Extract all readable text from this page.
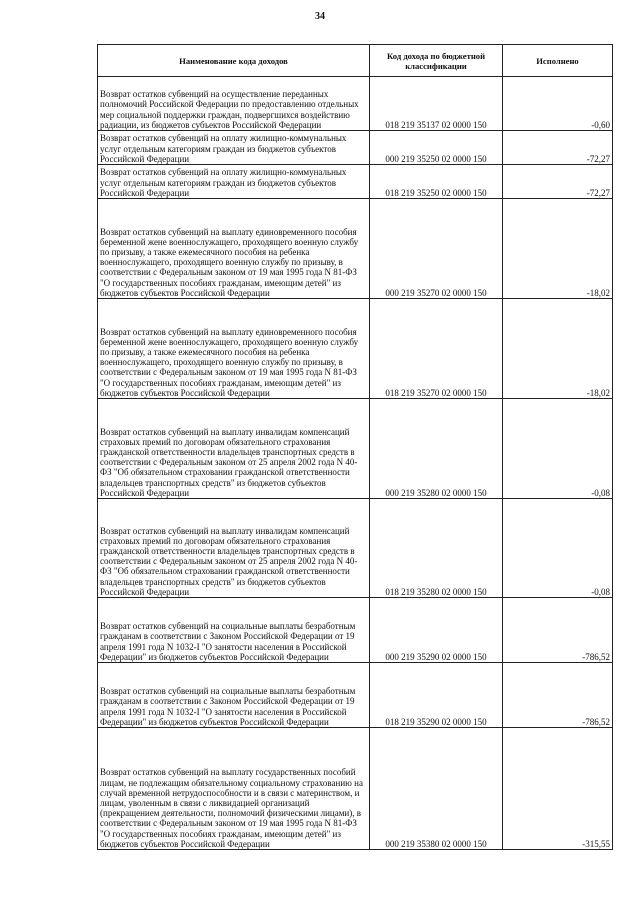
34
Наименование кода доходов	Код дохода по бюджетной классификации	Исполнено
Возврат остатков субвенций на осуществление переданных полномочий Российской Федерации по предоставлению отдельных мер социальной поддержки граждан, подвергшихся воздействию радиации, из бюджетов субъектов Российской Федерации	018 219 35137 02 0000 150	-0,60
Возврат остатков субвенций на оплату жилищно-коммунальных услуг отдельным категориям граждан из бюджетов субъектов Российской Федерации	000 219 35250 02 0000 150	-72,27
Возврат остатков субвенций на оплату жилищно-коммунальных услуг отдельным категориям граждан из бюджетов субъектов Российской Федерации	018 219 35250 02 0000 150	-72,27
Возврат остатков субвенций на выплату единовременного пособия беременной жене военнослужащего, проходящего военную службу по призыву, а также ежемесячного пособия на ребенка военнослужащего, проходящего военную службу по призыву, в соответствии с Федеральным законом от 19 мая 1995 года N 81-ФЗ "О государственных пособиях гражданам, имеющим детей" из бюджетов субъектов Российской Федерации	000 219 35270 02 0000 150	-18,02
Возврат остатков субвенций на выплату единовременного пособия беременной жене военнослужащего, проходящего военную службу по призыву, а также ежемесячного пособия на ребенка военнослужащего, проходящего военную службу по призыву, в соответствии с Федеральным законом от 19 мая 1995 года N 81-ФЗ "О государственных пособиях гражданам, имеющим детей" из бюджетов субъектов Российской Федерации	018 219 35270 02 0000 150	-18,02
Возврат остатков субвенций на выплату инвалидам компенсаций страховых премий по договорам обязательного страхования гражданской ответственности владельцев транспортных средств в соответствии с Федеральным законом от 25 апреля 2002 года N 40-ФЗ "Об обязательном страховании гражданской ответственности владельцев транспортных средств" из бюджетов субъектов Российской Федерации	000 219 35280 02 0000 150	-0,08
Возврат остатков субвенций на выплату инвалидам компенсаций страховых премий по договорам обязательного страхования гражданской ответственности владельцев транспортных средств в соответствии с Федеральным законом от 25 апреля 2002 года N 40-ФЗ "Об обязательном страховании гражданской ответственности владельцев транспортных средств" из бюджетов субъектов Российской Федерации	018 219 35280 02 0000 150	-0,08
Возврат остатков субвенций на социальные выплаты безработным гражданам в соответствии с Законом Российской Федерации от 19 апреля 1991 года N 1032-I "О занятости населения в Российской Федерации" из бюджетов субъектов Российской Федерации	000 219 35290 02 0000 150	-786,52
Возврат остатков субвенций на социальные выплаты безработным гражданам в соответствии с Законом Российской Федерации от 19 апреля 1991 года N 1032-I "О занятости населения в Российской Федерации" из бюджетов субъектов Российской Федерации	018 219 35290 02 0000 150	-786,52
Возврат остатков субвенций на выплату государственных пособий лицам, не подлежащим обязательному социальному страхованию на случай временной нетрудоспособности и в связи с материнством, и лицам, уволенным в связи с ликвидацией организаций (прекращением деятельности, полномочий физическими лицами), в соответствии с Федеральным законом от 19 мая 1995 года N 81-ФЗ "О государственных пособиях гражданам, имеющим детей" из бюджетов субъектов Российской Федерации	000 219 35380 02 0000 150	-315,55
